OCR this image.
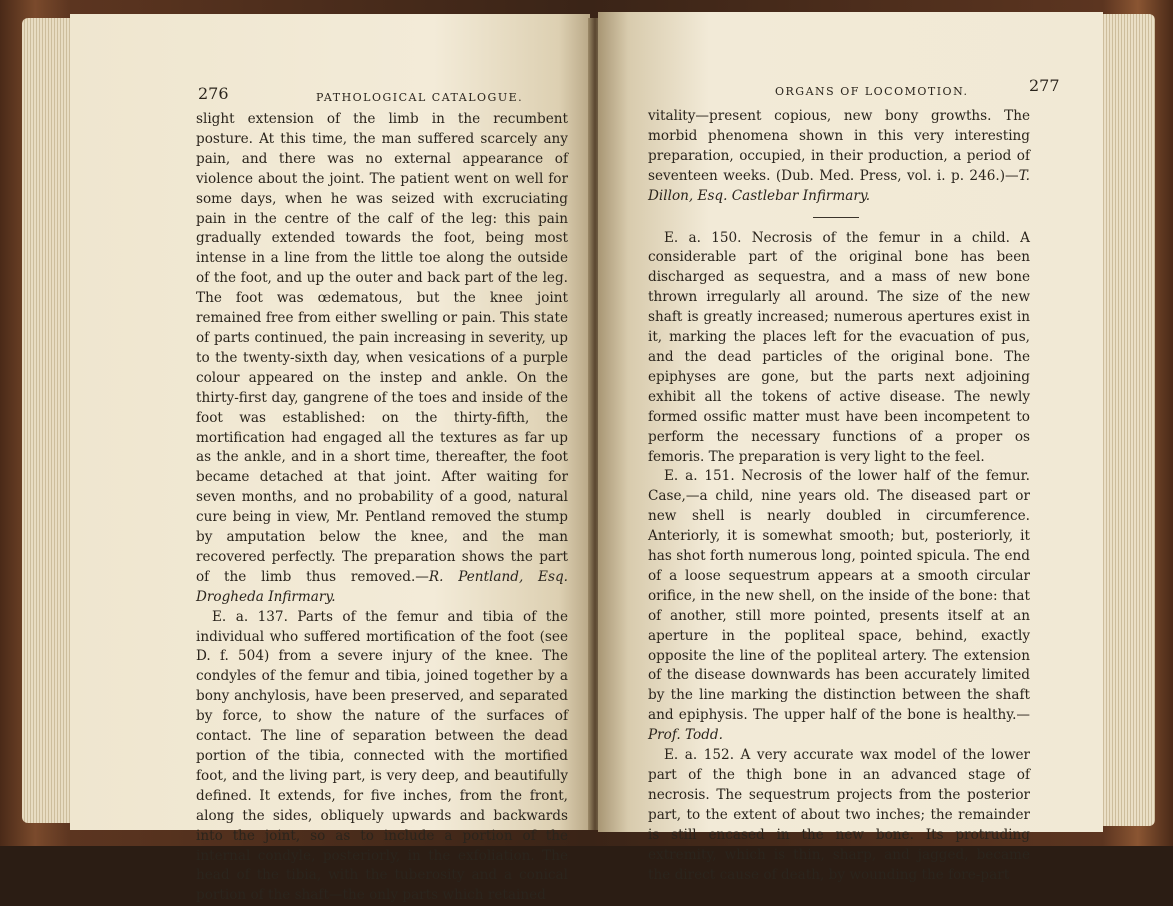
276	PATHOLOGICAL CATALOGUE.

slight extension of the limb in the recumbent posture. At this time, the man suffered scarcely any pain, and there was no external appearance of violence about the joint. The patient went on well for some days, when he was seized with excruciating pain in the centre of the calf of the leg: this pain gradually extended towards the foot, being most intense in a line from the little toe along the outside of the foot, and up the outer and back part of the leg. The foot was œdematous, but the knee joint remained free from either swelling or pain. This state of parts continued, the pain increasing in severity, up to the twenty-sixth day, when vesications of a purple colour appeared on the instep and ankle. On the thirty-first day, gangrene of the toes and inside of the foot was established: on the thirty-fifth, the mortification had engaged all the textures as far up as the ankle, and in a short time, thereafter, the foot became detached at that joint. After waiting for seven months, and no probability of a good, natural cure being in view, Mr. Pentland removed the stump by amputation below the knee, and the man recovered perfectly. The preparation shows the part of the limb thus removed.—R. Pentland, Esq. Drogheda Infirmary.

E. a. 137. Parts of the femur and tibia of the individual who suffered mortification of the foot (see D. f. 504) from a severe injury of the knee. The condyles of the femur and tibia, joined together by a bony anchylosis, have been preserved, and separated by force, to show the nature of the surfaces of contact. The line of separation between the dead portion of the tibia, connected with the mortified foot, and the living part, is very deep, and beautifully defined. It extends, for five inches, from the front, along the sides, obliquely upwards and backwards into the joint, so as to include a portion of the internal condyle, posteriorly, in the exfoliation. The head of the tibia, with the tuberosity and a conical portion of the shaft—the only parts which retained

ORGANS OF LOCOMOTION.	277

vitality—present copious, new bony growths. The morbid phenomena shown in this very interesting preparation, occupied, in their production, a period of seventeen weeks. (Dub. Med. Press, vol. i. p. 246.)—T. Dillon, Esq. Castlebar Infirmary.

E. a. 150. Necrosis of the femur in a child. A considerable part of the original bone has been discharged as sequestra, and a mass of new bone thrown irregularly all around. The size of the new shaft is greatly increased; numerous apertures exist in it, marking the places left for the evacuation of pus, and the dead particles of the original bone. The epiphyses are gone, but the parts next adjoining exhibit all the tokens of active disease. The newly formed ossific matter must have been incompetent to perform the necessary functions of a proper os femoris. The preparation is very light to the feel.

E. a. 151. Necrosis of the lower half of the femur. Case,—a child, nine years old. The diseased part or new shell is nearly doubled in circumference. Anteriorly, it is somewhat smooth; but, posteriorly, it has shot forth numerous long, pointed spicula. The end of a loose sequestrum appears at a smooth circular orifice, in the new shell, on the inside of the bone: that of another, still more pointed, presents itself at an aperture in the popliteal space, behind, exactly opposite the line of the popliteal artery. The extension of the disease downwards has been accurately limited by the line marking the distinction between the shaft and epiphysis. The upper half of the bone is healthy.—Prof. Todd.

E. a. 152. A very accurate wax model of the lower part of the thigh bone in an advanced stage of necrosis. The sequestrum projects from the posterior part, to the extent of about two inches; the remainder is still encased in the new bone. Its protruding extremity, which is thin, sharp, and jagged, became the direct cause of death, by wounding the fore-part
